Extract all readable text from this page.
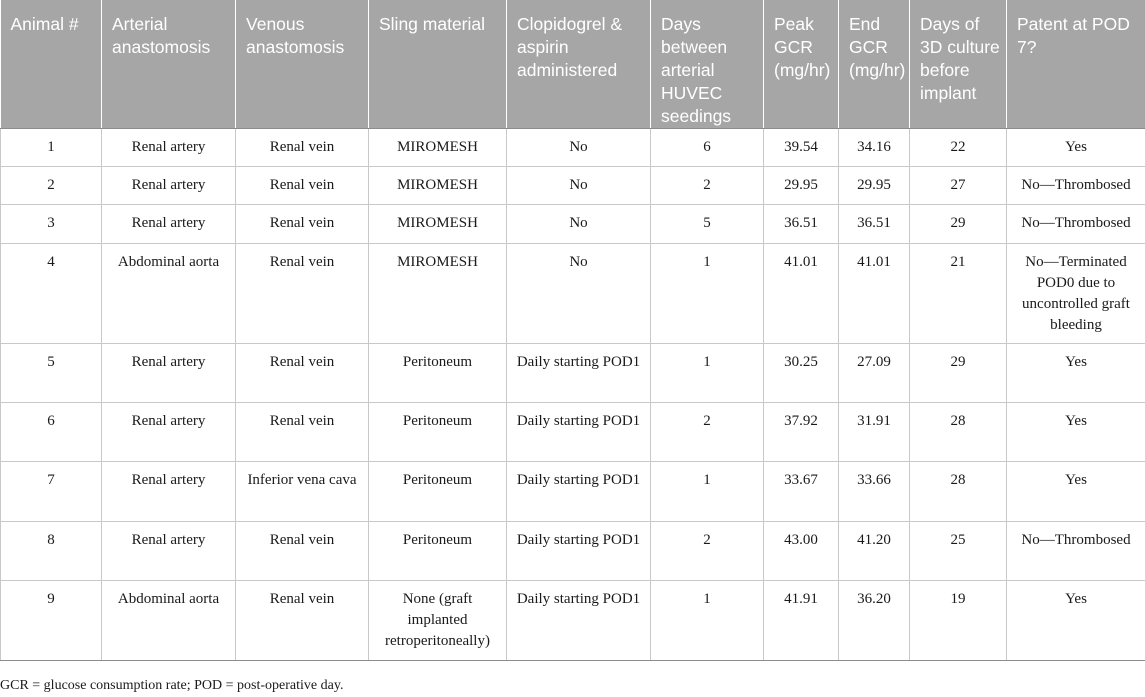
Animal #	Arterial anastomosis	Venous anastomosis	Sling material	Clopidogrel & aspirin administered	Days between arterial HUVEC seedings	Peak GCR (mg/hr)	End GCR (mg/hr)	Days of 3D culture before implant	Patent at POD 7?
1	Renal artery	Renal vein	MIROMESH	No	6	39.54	34.16	22	Yes
2	Renal artery	Renal vein	MIROMESH	No	2	29.95	29.95	27	No—Thrombosed
3	Renal artery	Renal vein	MIROMESH	No	5	36.51	36.51	29	No—Thrombosed
4	Abdominal aorta	Renal vein	MIROMESH	No	1	41.01	41.01	21	No—Terminated POD0 due to uncontrolled graft bleeding
5	Renal artery	Renal vein	Peritoneum	Daily starting POD1	1	30.25	27.09	29	Yes
6	Renal artery	Renal vein	Peritoneum	Daily starting POD1	2	37.92	31.91	28	Yes
7	Renal artery	Inferior vena cava	Peritoneum	Daily starting POD1	1	33.67	33.66	28	Yes
8	Renal artery	Renal vein	Peritoneum	Daily starting POD1	2	43.00	41.20	25	No—Thrombosed
9	Abdominal aorta	Renal vein	None (graft implanted retroperitoneally)	Daily starting POD1	1	41.91	36.20	19	Yes

GCR = glucose consumption rate; POD = post-operative day.
